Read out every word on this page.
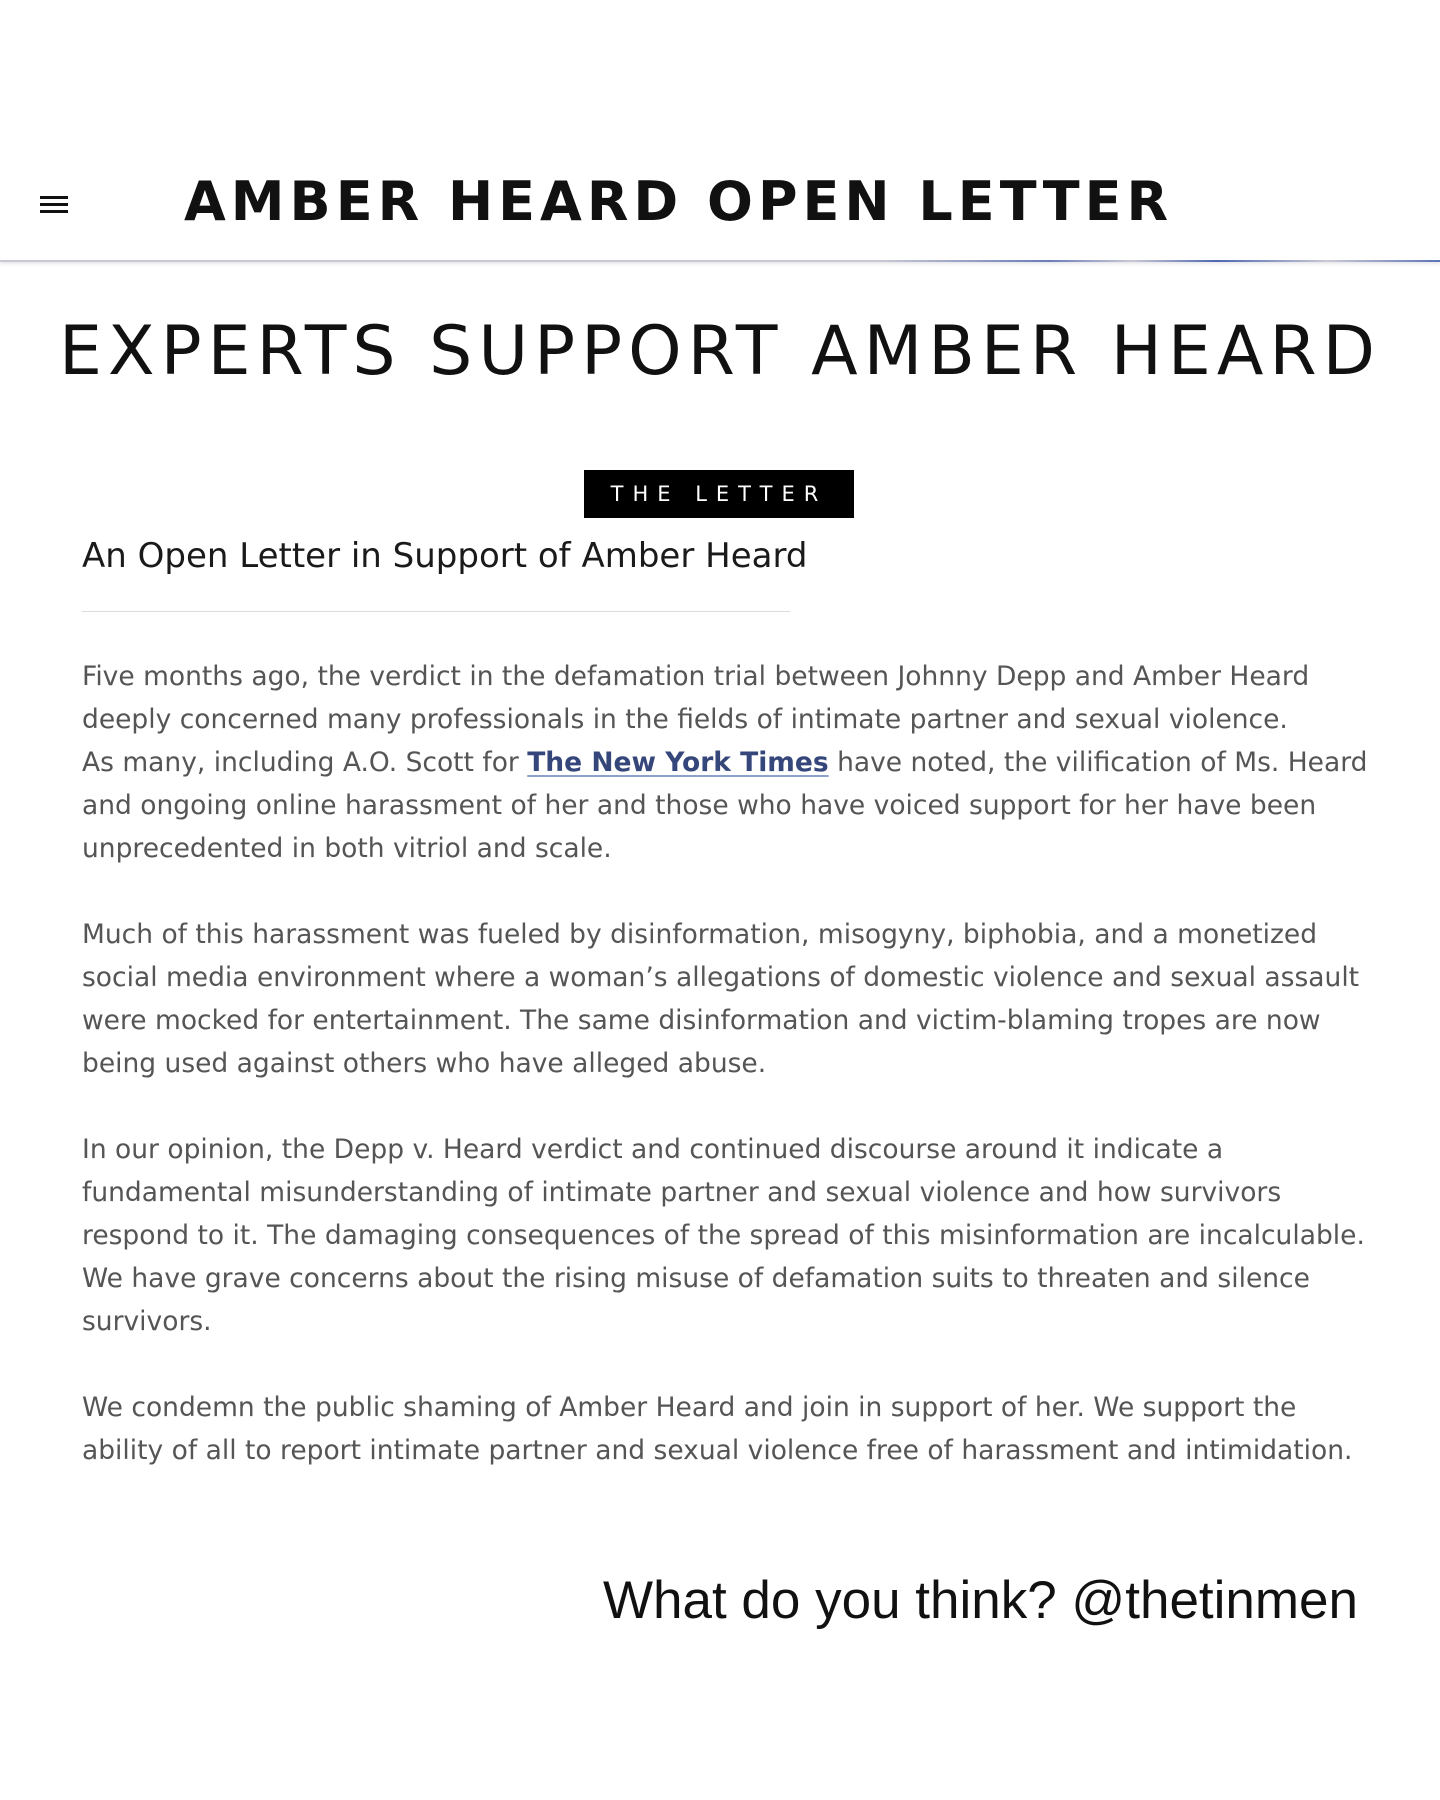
AMBER HEARD OPEN LETTER
EXPERTS SUPPORT AMBER HEARD
THE LETTER
An Open Letter in Support of Amber Heard

Five months ago, the verdict in the defamation trial between Johnny Depp and Amber Heard
deeply concerned many professionals in the fields of intimate partner and sexual violence.
As many, including A.O. Scott for The New York Times have noted, the vilification of Ms. Heard
and ongoing online harassment of her and those who have voiced support for her have been
unprecedented in both vitriol and scale.

Much of this harassment was fueled by disinformation, misogyny, biphobia, and a monetized
social media environment where a woman’s allegations of domestic violence and sexual assault
were mocked for entertainment. The same disinformation and victim-blaming tropes are now
being used against others who have alleged abuse.

In our opinion, the Depp v. Heard verdict and continued discourse around it indicate a
fundamental misunderstanding of intimate partner and sexual violence and how survivors
respond to it. The damaging consequences of the spread of this misinformation are incalculable.
We have grave concerns about the rising misuse of defamation suits to threaten and silence
survivors.

We condemn the public shaming of Amber Heard and join in support of her. We support the
ability of all to report intimate partner and sexual violence free of harassment and intimidation.

What do you think? @thetinmen
